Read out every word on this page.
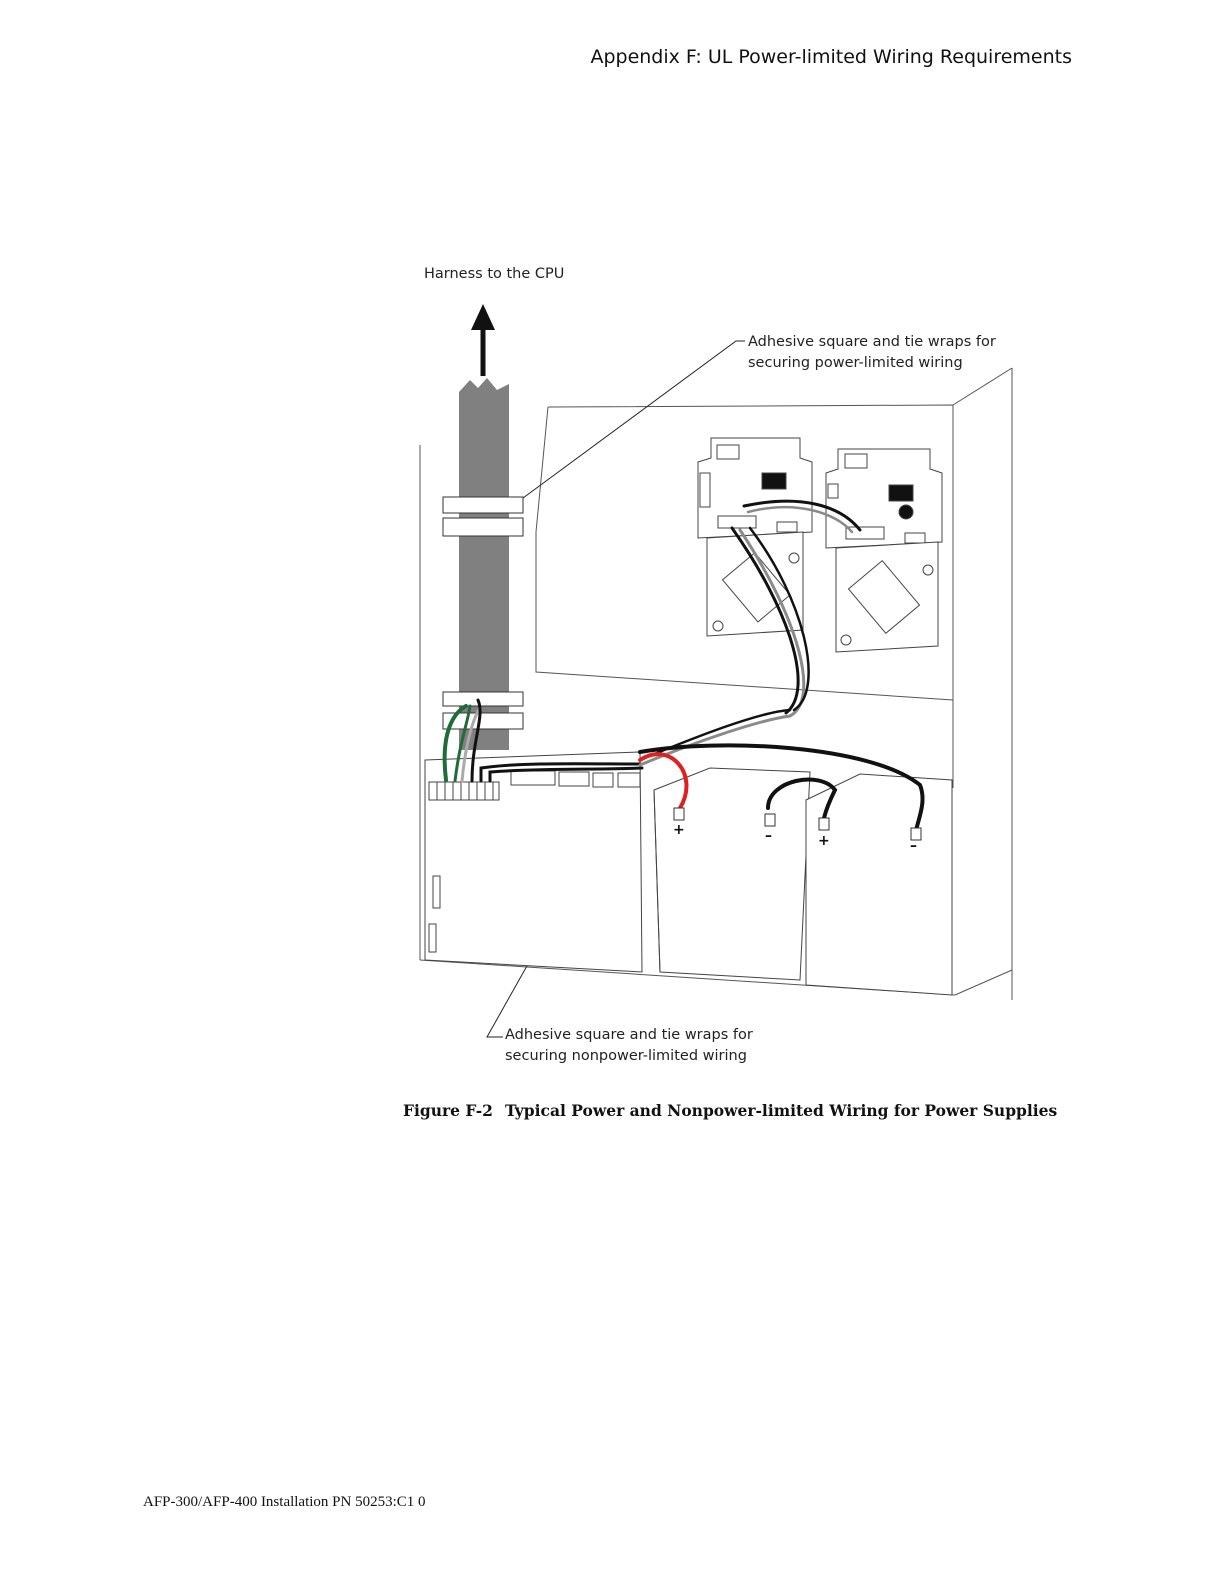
Appendix F: UL Power-limited Wiring Requirements
+	–	+	–
Harness to the CPU
Adhesive square and tie wraps for
securing power-limited wiring
Adhesive square and tie wraps for
securing nonpower-limited wiring
Figure F-2 Typical Power and Nonpower-limited Wiring for Power Supplies
AFP-300/AFP-400 Installation PN 50253:C1 0
